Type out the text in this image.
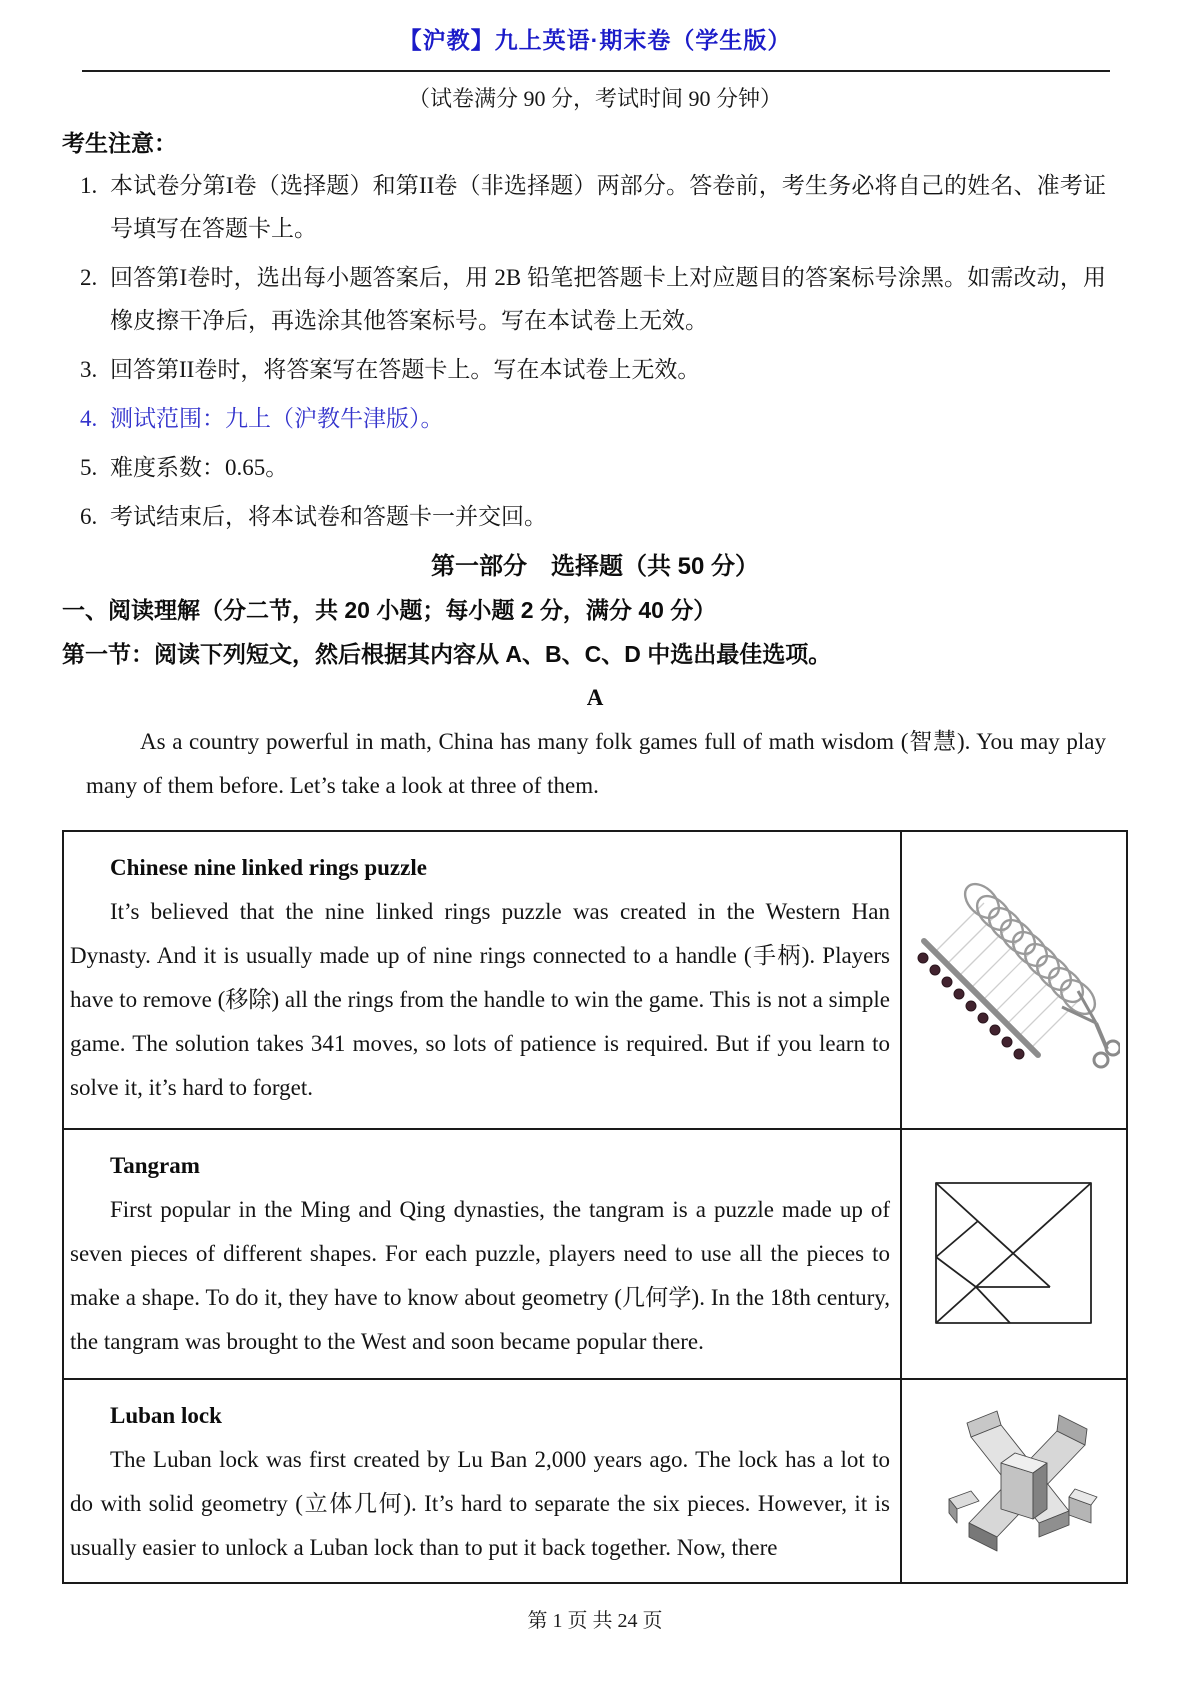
【沪教】九上英语·期末卷（学生版）
（试卷满分 90 分，考试时间 90 分钟）
考生注意：
1. 本试卷分第I卷（选择题）和第II卷（非选择题）两部分。答卷前，考生务必将自己的姓名、准考证号填写在答题卡上。
2. 回答第I卷时，选出每小题答案后，用 2B 铅笔把答题卡上对应题目的答案标号涂黑。如需改动，用橡皮擦干净后，再选涂其他答案标号。写在本试卷上无效。
3. 回答第II卷时，将答案写在答题卡上。写在本试卷上无效。
4. 测试范围：九上（沪教牛津版）。
5. 难度系数：0.65。
6. 考试结束后，将本试卷和答题卡一并交回。
第一部分　选择题（共 50 分）
一、阅读理解（分二节，共 20 小题；每小题 2 分，满分 40 分）
第一节：阅读下列短文，然后根据其内容从 A、B、C、D 中选出最佳选项。
A

As a country powerful in math, China has many folk games full of math wisdom (智慧). You may play many of them before. Let’s take a look at three of them.

Chinese nine linked rings puzzle

It’s believed that the nine linked rings puzzle was created in the Western Han Dynasty. And it is usually made up of nine rings connected to a handle (手柄). Players have to remove (移除) all the rings from the handle to win the game. This is not a simple game. The solution takes 341 moves, so lots of patience is required. But if you learn to solve it, it’s hard to forget.

Tangram

First popular in the Ming and Qing dynasties, the tangram is a puzzle made up of seven pieces of different shapes. For each puzzle, players need to use all the pieces to make a shape. To do it, they have to know about geometry (几何学). In the 18th century, the tangram was brought to the West and soon became popular there.

Luban lock

The Luban lock was first created by Lu Ban 2,000 years ago. The lock has a lot to do with solid geometry (立体几何). It’s hard to separate the six pieces. However, it is usually easier to unlock a Luban lock than to put it back together. Now, there

第 1 页 共 24 页
